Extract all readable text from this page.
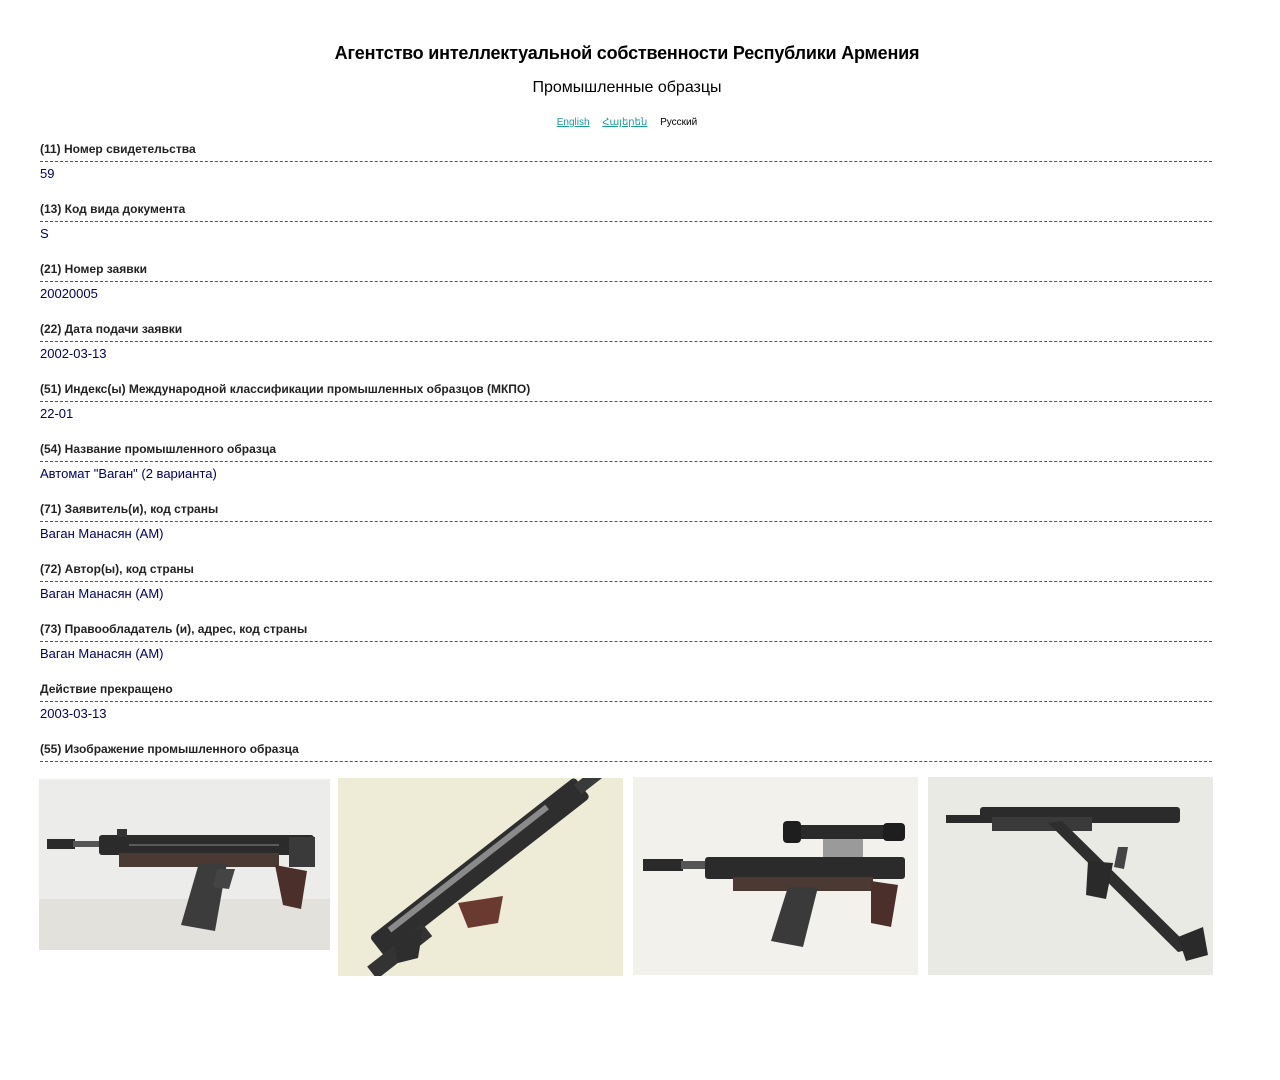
Агентство интеллектуальной собственности Республики Армения
Промышленные образцы
English Հայերեն Русский
(11) Номер свидетельства
59
(13) Код вида документа
S
(21) Номер заявки
20020005
(22) Дата подачи заявки
2002-03-13
(51) Индекс(ы) Международной классификации промышленных образцов (МКПО)
22-01
(54) Название промышленного образца
Автомат "Ваган" (2 варианта)
(71) Заявитель(и), код страны
Ваган Манасян (AM)
(72) Автор(ы), код страны
Ваган Манасян (AM)
(73) Правообладатель (и), адрес, код страны
Ваган Манасян (AM)
Действие прекращено
2003-03-13
(55) Изображение промышленного образца
